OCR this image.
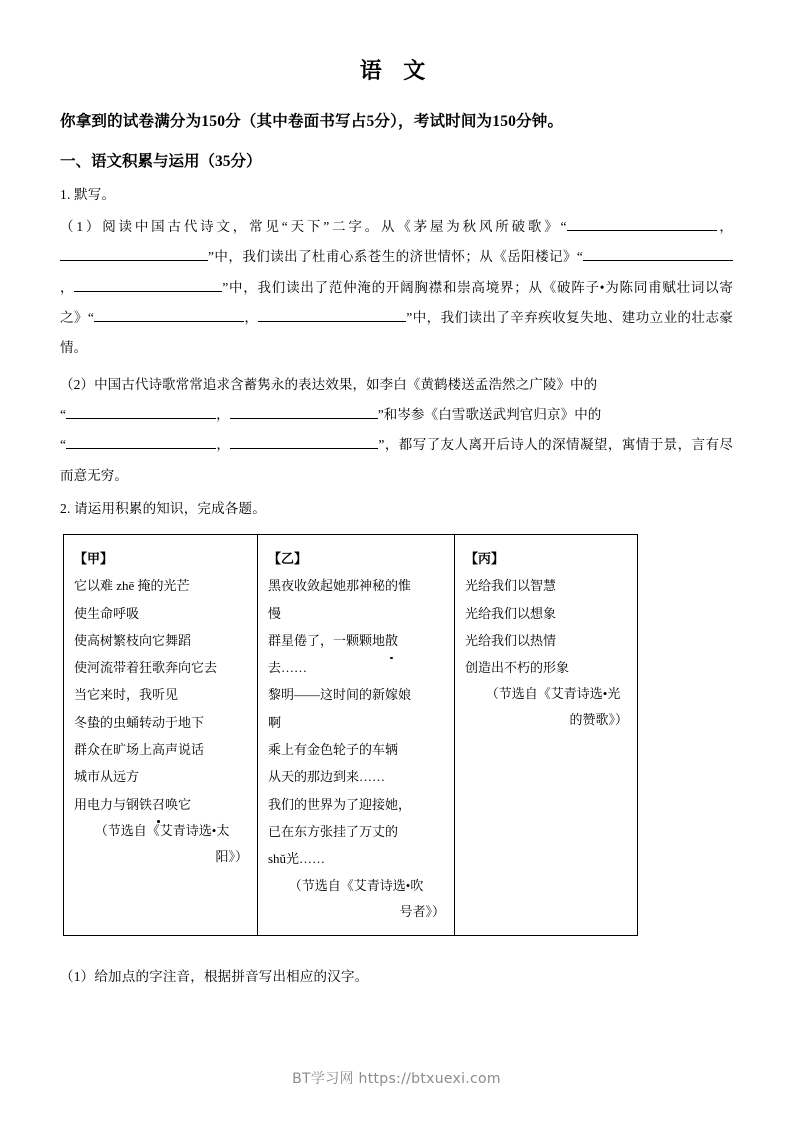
语 文
你拿到的试卷满分为150分（其中卷面书写占5分），考试时间为150分钟。
一、语文积累与运用（35分）
1. 默写。
（1）阅读中国古代诗文，常见“天下”二字。从《茅屋为秋风所破歌》“	，”中，我们读出了杜甫心系苍生的济世情怀；从《岳阳楼记》“，	”中，我们读出了范仲淹的开阔胸襟和崇高境界；从《破阵子•为陈同甫赋壮词以寄之》“	，	”中，我们读出了辛弃疾收复失地、建功立业的壮志豪情。
（2）中国古代诗歌常常追求含蓄隽永的表达效果，如李白《黄鹤楼送孟浩然之广陵》中的
“	，	”和岑参《白雪歌送武判官归京》中的
“	，	”，都写了友人离开后诗人的深情凝望，寓情于景，言有尽而意无穷。
2. 请运用积累的知识，完成各题。
【甲】
它以难 zhē 掩的光芒
使生命呼吸
使高树繁枝向它舞蹈
使河流带着狂歌奔向它去
当它来时，我听见
冬蛰的虫蛹转动于地下
群众在旷场上高声说话
城市从远方
用电力与钢铁召唤它
（节选自《艾青诗选•太
阳》）

【乙】
黑夜收敛起她那神秘的惟
慢
群星倦了，一颗颗地散
去……
黎明——这时间的新嫁娘
啊
乘上有金色轮子的车辆
从天的那边到来……
我们的世界为了迎接她，
已在东方张挂了万丈的
shǔ光……
（节选自《艾青诗选•吹
号者》）

【丙】
光给我们以智慧
光给我们以想象
光给我们以热情
创造出不朽的形象
（节选自《艾青诗选•光
的赞歌》）
（1）给加点的字注音，根据拼音写出相应的汉字。
BT学习网 https://btxuexi.com
